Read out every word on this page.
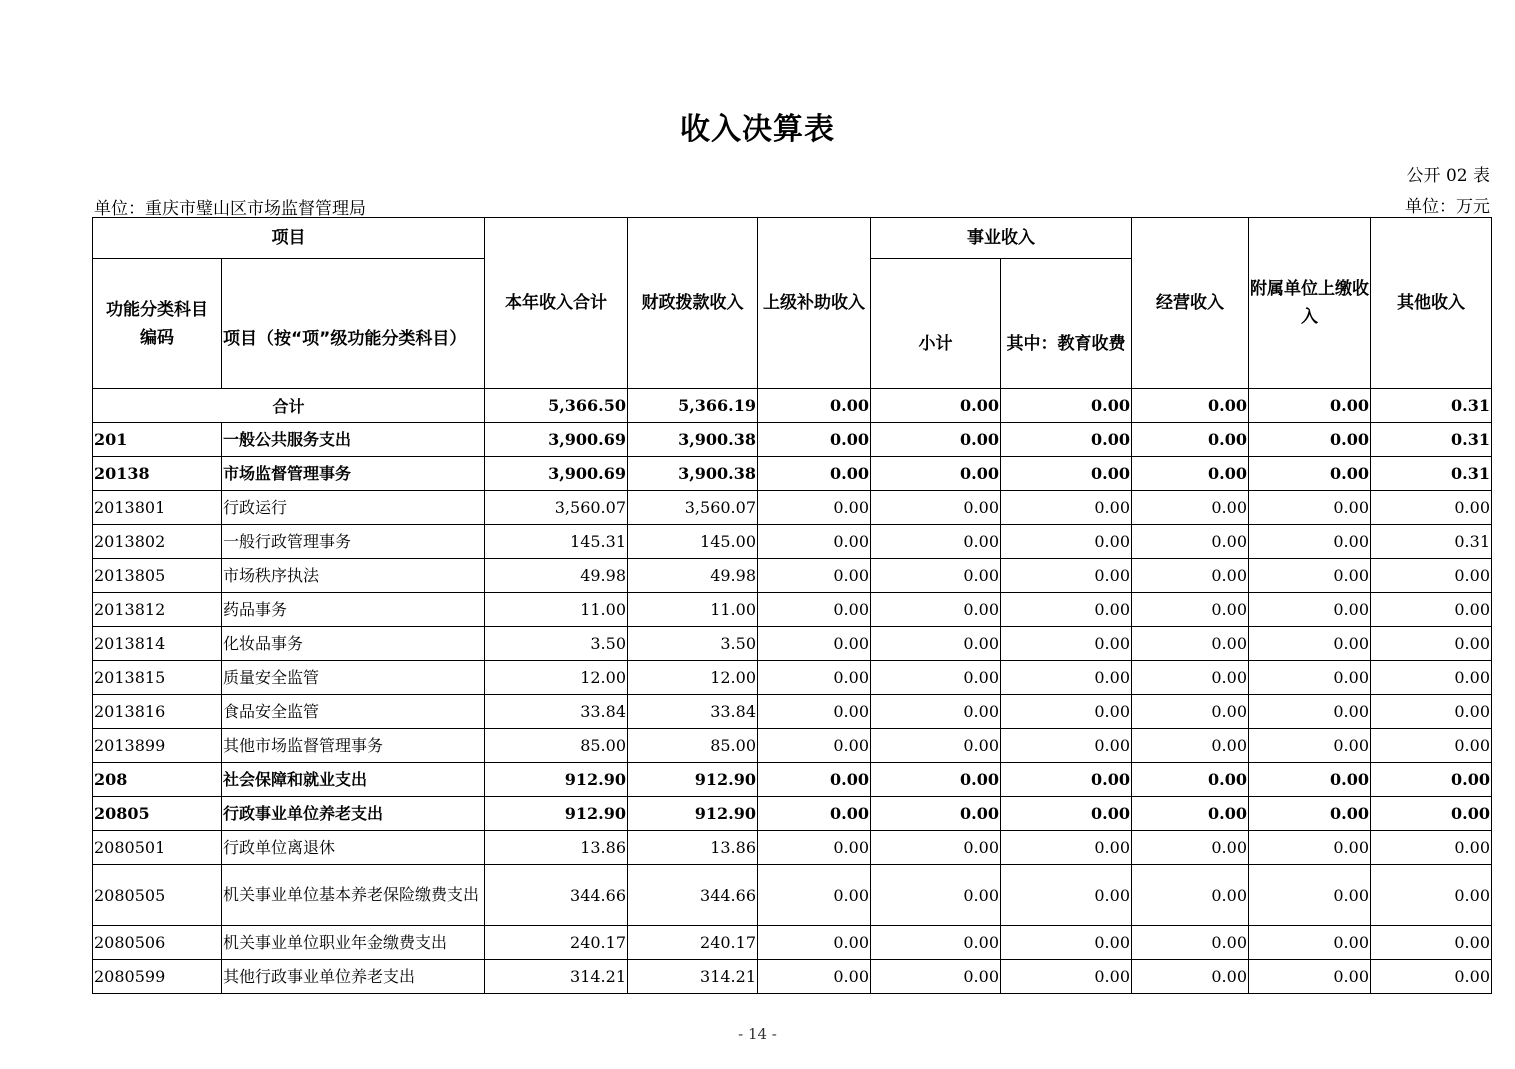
收入决算表
公开 02 表
单位：重庆市璧山区市场监督管理局	单位：万元
项目		本年收入合计	财政拨款收入	上级补助收入	事业收入		经营收入	附属单位上缴收入	其他收入
功能分类科目编码	项目（按“项”级功能分类科目）				小计	其中：教育收费			
合计		5,366.50	5,366.19	0.00	0.00	0.00	0.00	0.00	0.31
201	一般公共服务支出	3,900.69	3,900.38	0.00	0.00	0.00	0.00	0.00	0.31
20138	市场监督管理事务	3,900.69	3,900.38	0.00	0.00	0.00	0.00	0.00	0.31
2013801	行政运行	3,560.07	3,560.07	0.00	0.00	0.00	0.00	0.00	0.00
2013802	一般行政管理事务	145.31	145.00	0.00	0.00	0.00	0.00	0.00	0.31
2013805	市场秩序执法	49.98	49.98	0.00	0.00	0.00	0.00	0.00	0.00
2013812	药品事务	11.00	11.00	0.00	0.00	0.00	0.00	0.00	0.00
2013814	化妆品事务	3.50	3.50	0.00	0.00	0.00	0.00	0.00	0.00
2013815	质量安全监管	12.00	12.00	0.00	0.00	0.00	0.00	0.00	0.00
2013816	食品安全监管	33.84	33.84	0.00	0.00	0.00	0.00	0.00	0.00
2013899	其他市场监督管理事务	85.00	85.00	0.00	0.00	0.00	0.00	0.00	0.00
208	社会保障和就业支出	912.90	912.90	0.00	0.00	0.00	0.00	0.00	0.00
20805	行政事业单位养老支出	912.90	912.90	0.00	0.00	0.00	0.00	0.00	0.00
2080501	行政单位离退休	13.86	13.86	0.00	0.00	0.00	0.00	0.00	0.00
2080505	机关事业单位基本养老保险缴费支出	344.66	344.66	0.00	0.00	0.00	0.00	0.00	0.00
2080506	机关事业单位职业年金缴费支出	240.17	240.17	0.00	0.00	0.00	0.00	0.00	0.00
2080599	其他行政事业单位养老支出	314.21	314.21	0.00	0.00	0.00	0.00	0.00	0.00
- 14 -
